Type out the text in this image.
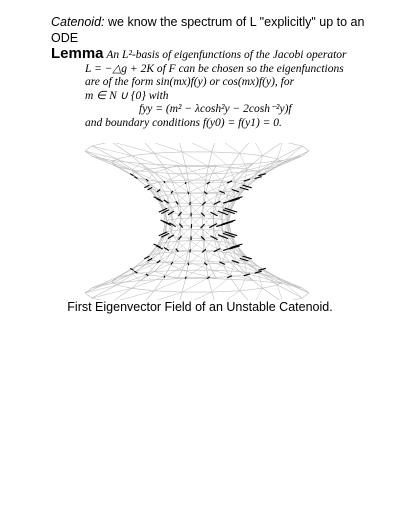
Catenoid: we know the spectrum of L "explicitly" up to an
ODE
Lemma An L²-basis of eigenfunctions of the Jacobi operator
L = −△g + 2K of F can be chosen so the eigenfunctions
are of the form sin(mx)f(y) or cos(mx)f(y), for
m ∈ N ∪ {0} with
fyy = (m² − λcosh²y − 2cosh⁻²y)f
and boundary conditions f(y0) = f(y1) = 0.
First Eigenvector Field of an Unstable Catenoid.
